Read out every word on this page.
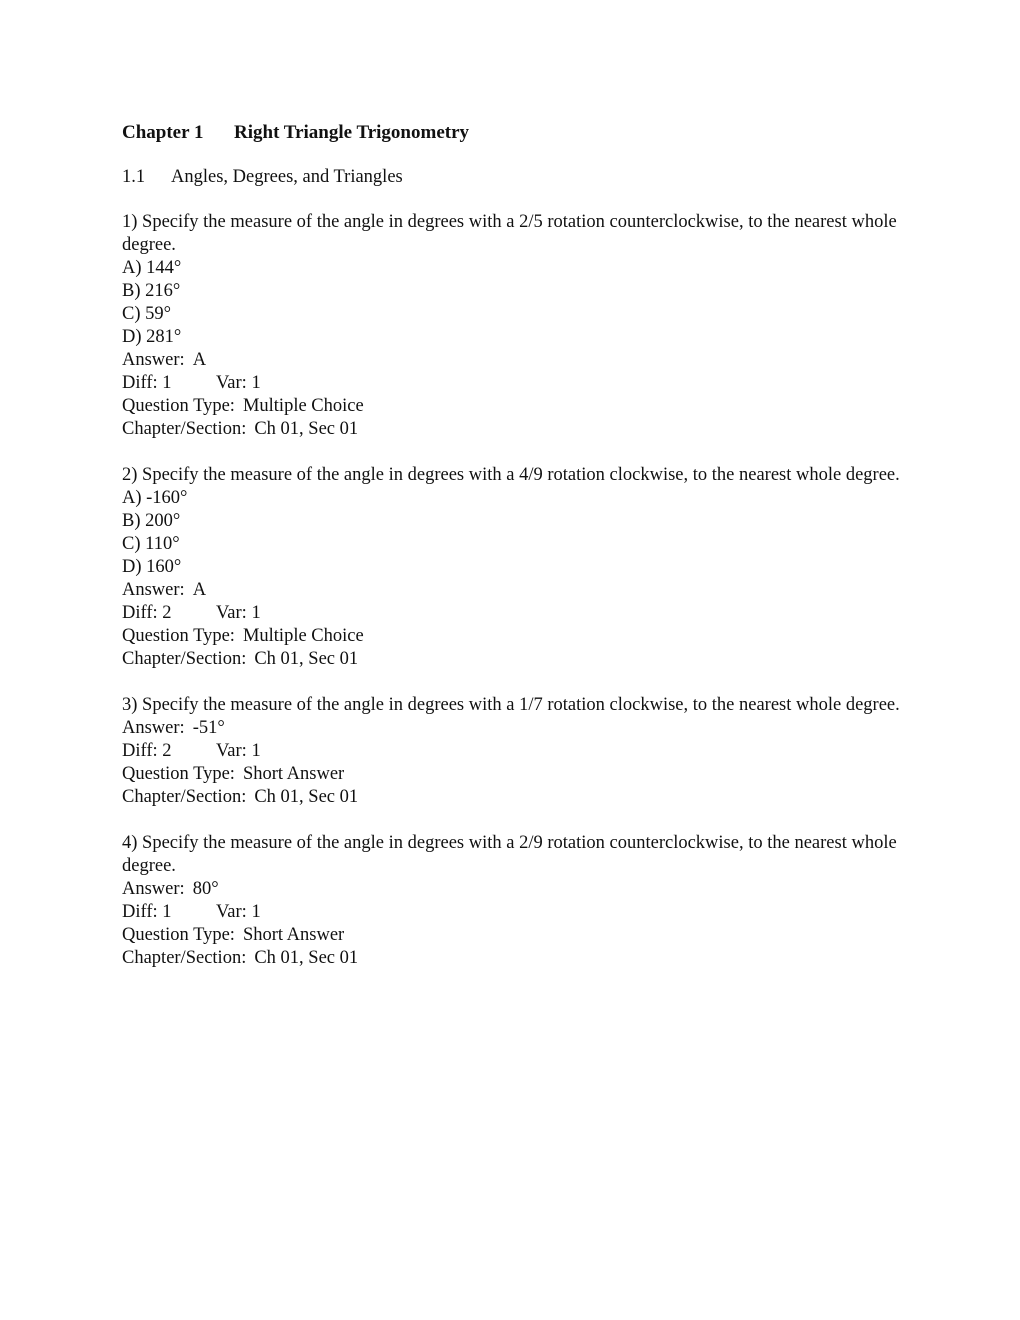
Chapter 1 Right Triangle Trigonometry
1.1 Angles, Degrees, and Triangles

1) Specify the measure of the angle in degrees with a 2/5 rotation counterclockwise, to the nearest whole degree.

A) 144°
B) 216°
C) 59°
D) 281°
Answer: A
Diff: 1 Var: 1
Question Type: Multiple Choice
Chapter/Section: Ch 01, Sec 01

2) Specify the measure of the angle in degrees with a 4/9 rotation clockwise, to the nearest whole degree.

A) -160°
B) 200°
C) 110°
D) 160°
Answer: A
Diff: 2 Var: 1
Question Type: Multiple Choice
Chapter/Section: Ch 01, Sec 01

3) Specify the measure of the angle in degrees with a 1/7 rotation clockwise, to the nearest whole degree.

Answer: -51°
Diff: 2 Var: 1
Question Type: Short Answer
Chapter/Section: Ch 01, Sec 01

4) Specify the measure of the angle in degrees with a 2/9 rotation counterclockwise, to the nearest whole degree.

Answer: 80°
Diff: 1 Var: 1
Question Type: Short Answer
Chapter/Section: Ch 01, Sec 01
